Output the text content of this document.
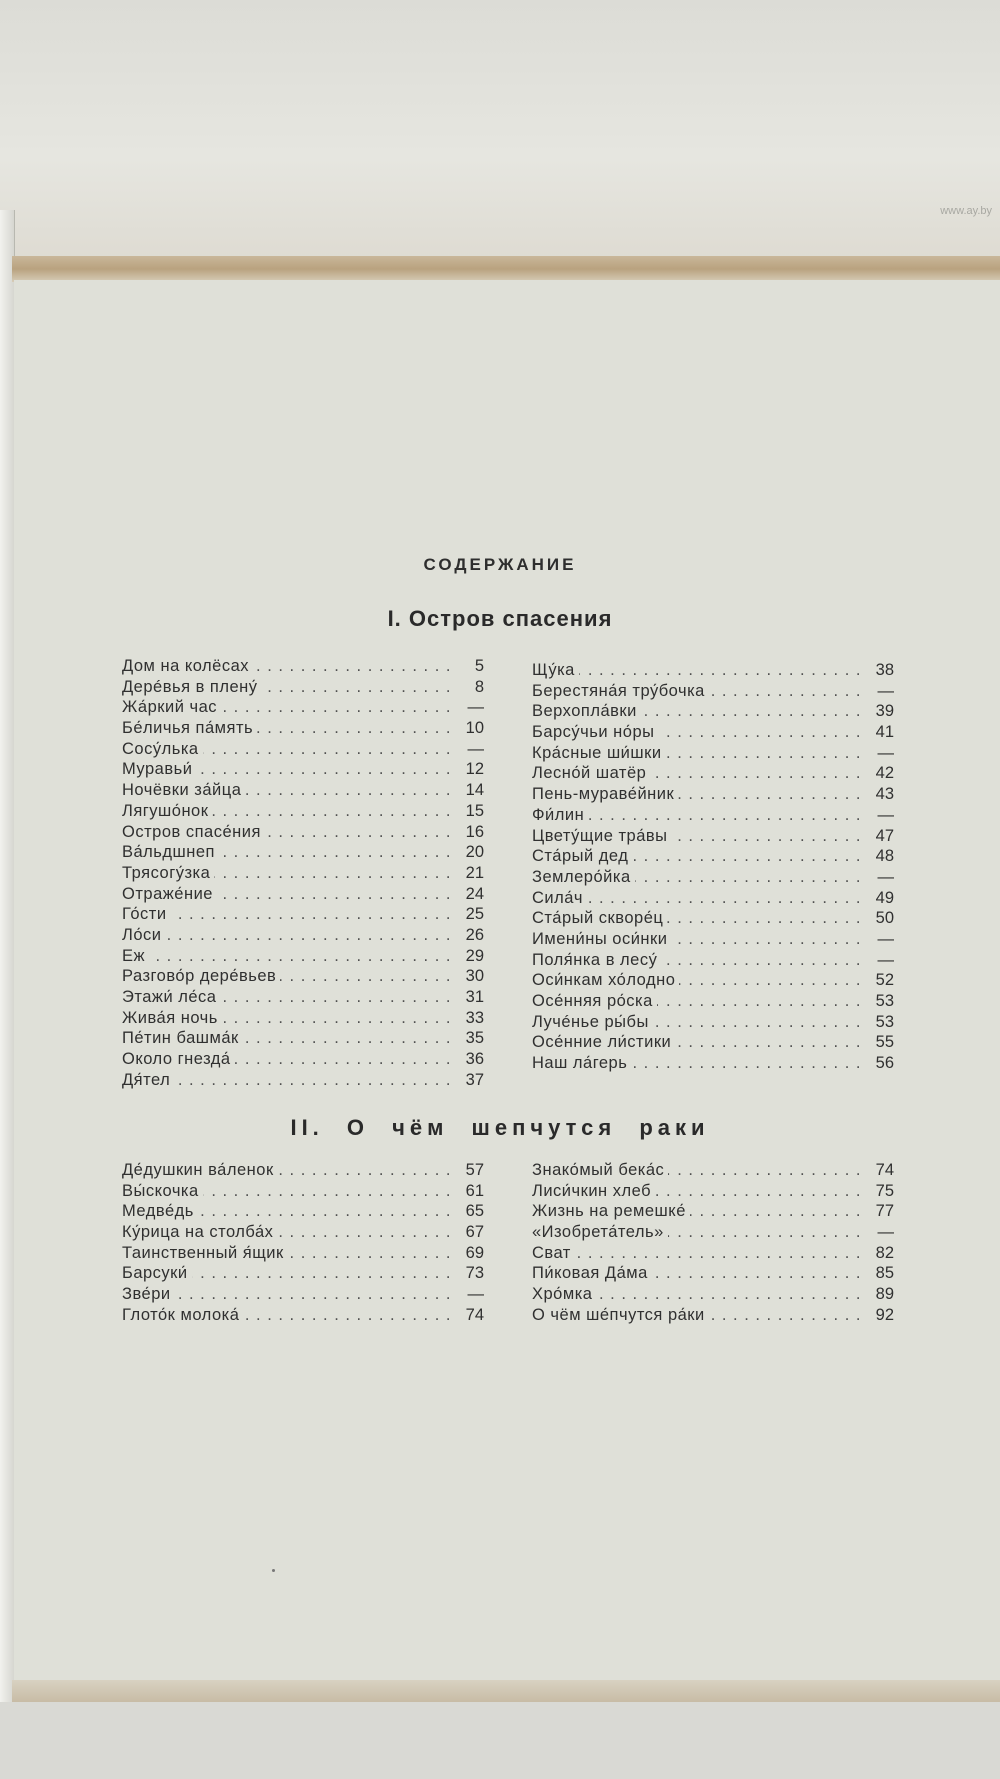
www.ay.by
СОДЕРЖАНИЕ
I. Остров спасения
. . . Дом на колёсах	5
. . . Дерéвья в плену́	8
. . . Жа́ркий час	—
. . . Бе́личья па́мять	10
. . . Сосу́лька	—
. . . Муравьи́	12
. . . Ночёвки за́йца	14
. . . Лягушо́нок	15
. . . Остров спасе́ния	16
. . . Ва́льдшнеп	20
. . . Трясогу́зка	21
. . . Отраже́ние	24
. . . Го́сти	25
. . . Ло́си	26
. . . Еж	29
. . . Разгово́р дере́вьев	30
. . . Этажи́ ле́са	31
. . . Жива́я ночь	33
. . . Пе́тин башма́к	35
. . . Около гнезда́	36
. . . Дя́тел	37
. . . Щу́ка	38
. . . Берестяна́я тру́бочка	—
. . . Верхопла́вки	39
. . . Барсу́чьи но́ры	41
. . . Кра́сные ши́шки	—
. . . Лесно́й шатёр	42
. . . Пень-мураве́йник	43
. . . Фи́лин	—
. . . Цвету́щие тра́вы	47
. . . Ста́рый дед	48
. . . Землеро́йка	—
. . . Сила́ч	49
. . . Ста́рый скворе́ц	50
. . . Имени́ны оси́нки	—
. . . Поля́нка в лесу́	—
. . . Оси́нкам хо́лодно	52
. . . Осе́нняя ро́ска	53
. . . Лучéнье ры́бы	53
. . . Осе́нние ли́стики	55
. . . Наш ла́герь	56
II. О чём шепчутся раки
. . . Де́душкин ва́ленок	57
. . . Вы́скочка	61
. . . Медве́дь	65
. . . Ку́рица на столба́х	67
. . . Таинственный я́щик	69
. . . Барсуки́	73
. . . Зве́ри	—
. . . Глото́к молока́	74
. . . Знако́мый бека́с	74
. . . Лиси́чкин хлеб	75
. . . Жизнь на ремешке́	77
. . . «Изобрета́тель»	—
. . . Сват	82
. . . Пи́ковая Да́ма	85
. . . Хро́мка	89
. . . О чём ше́пчутся ра́ки	92
